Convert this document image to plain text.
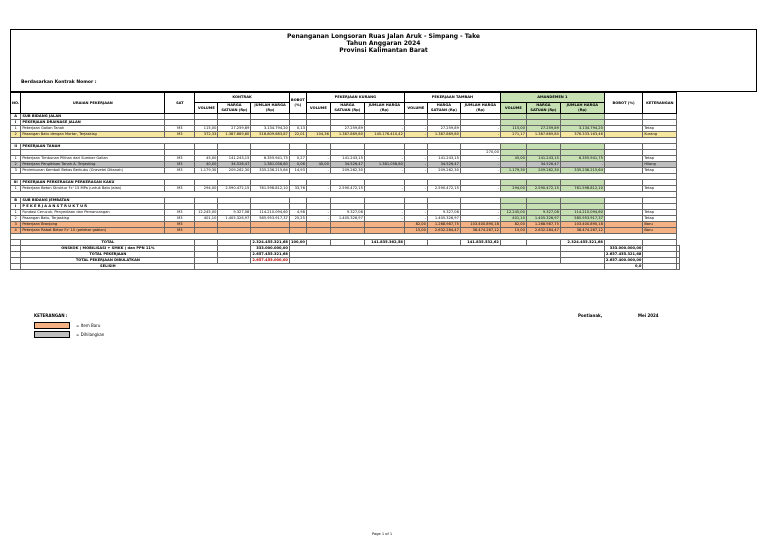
Penanganan Longsoran Ruas Jalan Aruk - Simpang - Take
Tahun Anggaran 2024
Provinsi Kalimantan Barat
Berdasarkan Kontrak Nomor :
NO.	URAIAN PEKERJAAN	SAT	KONTRAK			BOBOT (%)	PEKERJAAN KURANG			PEKERJAAN TAMBAH			AMANDEMEN 1			BOBOT (%)	KETERANGAN	
			VOLUME	HARGA SATUAN (Rp)	JUMLAH HARGA (Rp)		VOLUME	HARGA SATUAN (Rp)	JUMLAH HARGA (Rp)	VOLUME	HARGA SATUAN (Rp)	JUMLAH HARGA (Rp)	VOLUME	HARGA SATUAN (Rp)	JUMLAH HARGA (Rp)			
A	SUB BIDANG JALAN																	
I	PEKERJAAN DRAINASE JALAN																	
1	Pekerjaan Galian Tanah	M3	115,00	27.259,89	3.134.794,20	0,13		27.259,89	-	-	27.259,89	-	115,00	27.259,89	3.134.794,20		Tetap	
2	Pasangan Batu dengan Mortar, Terjaskisg	M3	372,33	1.387.869,80	516.809.683,87	22,01	104,36	1.387.869,80	145.176.410,42	-	1.387.869,80	-	271,17	1.387.869,80	376.333.163,46		Kurang	

II	PEKERJAAN TANAH																	
												270,00						
1	Pekerjaan Timbunan Pilihan dari Sumber Galian	M3	45,00	141.243,15	6.355.941,75	0,27	-	141.243,15	-	-	141.243,15	-	45,00	141.243,15	6.355.941,75		Tetap	
2	Pekerjaan Pengikisan Tanah A. Terjaskisg	M3	40,00	34.526,47	1.381.058,80	0,06	40,00	34.526,47	1.381.058,80	-	34.526,47	-		34.526,47	-		Hilang	
3	Penimbunan Kembali Bekas Berkubu (Gravetel Ditanah)	M3	1.179,30	209.262,30	335.236.215,64	14,93	-	209.262,30	-	-	209.262,30	-	1.179,30	209.262,30	335.236.215,64		Tetap	

III	PEKERJAAN PERKERASAN PERKERASAN KAKU																	
1	Pekerjaan Beton Struktur Fc' 15 MPa (untuk Batu Jalan)	M3	294,00	2.590.472,15	761.598.812,10	33,76	-	2.590.472,15	-	-	2.590.472,15	-	294,00	2.590.472,15	761.598.812,10		Tetap	

B	SUB BIDANG JEMBATAN																	
I	P E K E R J A A N S T R U K T U R																	
1	Fondasi Cerucuk, Penyediaan dan Pemancangan	M3	12.245,00	9.327,08	114.210.094,60	4,98	-	9.327,08	-	-	9.327,08	-	12.245,00	9.327,08	114.210.094,60		Tetap	
2	Pasangan Batu, Terjaskisg	M3	401,10	1.405.326,97	585.953.917,37	25,25	-	1.405.326,97	-	-	1.405.326,97	-	401,10	1.405.326,97	585.953.917,37		Tetap	
3	Pekerjaan Bronjong	M3								82,00	1.268.987,75	103.400.890,18	82,00	1.268.987,75	103.400.890,18		Baru	
4	Pekerjaan Rabat Beton Fc' 10 (pelebar gabion)	M3								15,00	2.632.284,47	38.474.267,12	15,00	2.632.284,47	38.474.267,12		Baru	

	TOTAL				2.324.455.321,68	100,00			141.835.362,58			141.835.532,62			2.324.455.321,68			
	ONSKOK ( MOBILISASI + SMKK ) dan PPN 11%				333.000.000,00											333.000.000,00		
	TOTAL PEKERJAAN				2.657.455.321,68											2.657.455.321,68		
	TOTAL PEKERJAAN DIBULATKAN				2.657.455.000,00											2.657.400.000,00		
	SELISIH															0,0		
Pontianak,	Mei 2024
KETERANGAN :
= Item Baru
= Dihilangkan
Page 1 of 1
